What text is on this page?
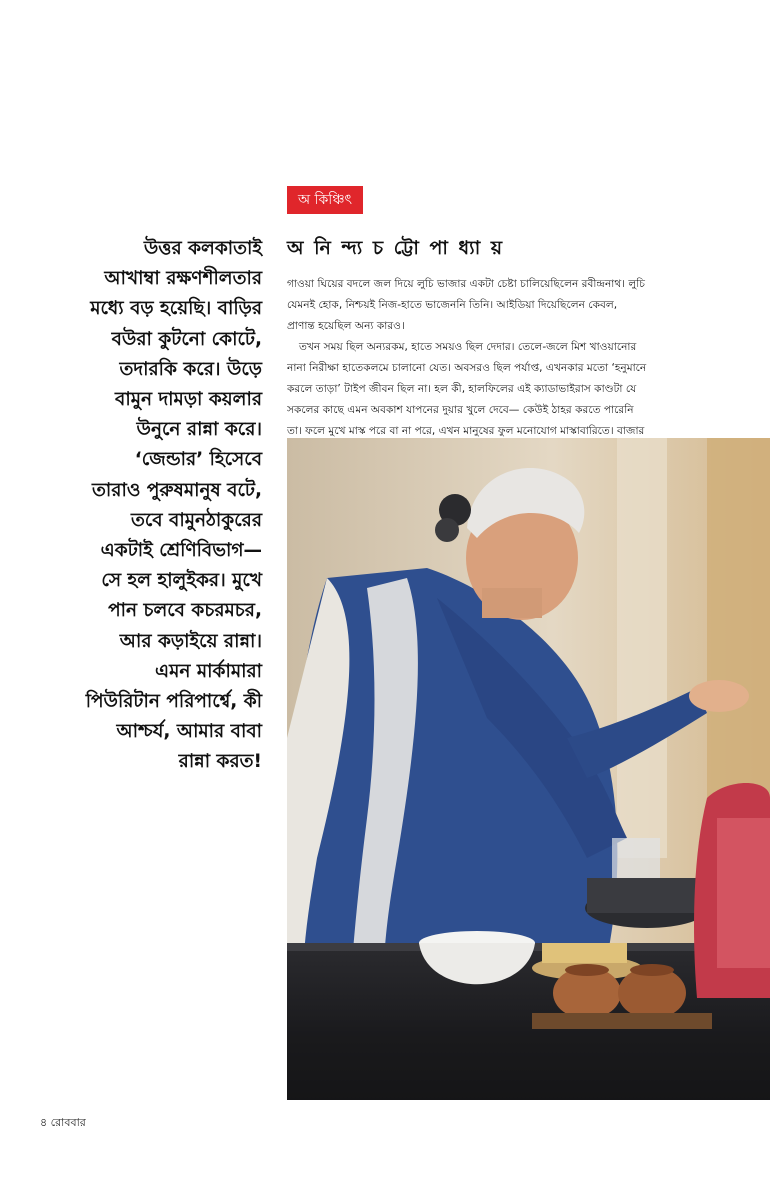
অ কিঞ্চিৎ

উত্তর কলকাতাই
আখাম্বা রক্ষণশীলতার
মধ্যে বড় হয়েছি। বাড়ির
বউরা কুটনো কোটে,
তদারকি করে। উড়ে
বামুন দামড়া কয়লার
উনুনে রান্না করে।
‘জেন্ডার’ হিসেবে
তারাও পুরুষমানুষ বটে,
তবে বামুনঠাকুরের
একটাই শ্রেণিবিভাগ—
সে হল হালুইকর। মুখে
পান চলবে কচরমচর,
আর কড়াইয়ে রান্না।
এমন মার্কামারা
পিউরিটান পরিপার্শ্বে, কী
আশ্চর্য, আমার বাবা
রান্না করত!

অ নি ন্দ্য চ ট্টো পা ধ্যা য়
গাওয়া ঘিয়ের বদলে জল দিয়ে লুচি ভাজার একটা চেষ্টা চালিয়েছিলেন রবীন্দ্রনাথ। লুচি
যেমনই হোক, নিশ্চয়ই নিজ-হাতে ভাজেননি তিনি। আইডিয়া দিয়েছিলেন কেবল,
প্রাণান্ত হয়েছিল অন্য কারও।
তখন সময় ছিল অন্যরকম, হাতে সময়ও ছিল দেদার। তেলে-জলে মিশ খাওয়ানোর
নানা নিরীক্ষা হাতেকলমে চালানো যেত। অবসরও ছিল পর্যাপ্ত, এখনকার মতো ‘হনুমানে
করলে তাড়া’ টাইপ জীবন ছিল না। হল কী, হালফিলের এই ক্যাডাভাইরাস কাণ্ডটা যে
সকলের কাছে এমন অবকাশ যাপনের দুয়ার খুলে দেবে— কেউই ঠাহর করতে পারেনি
তা। ফলে মুখে মাস্ক পরে বা না পরে, এখন মানুষের ফুল মনোযোগ মাস্কাবারিতে। বাজার
৪ রোববার
